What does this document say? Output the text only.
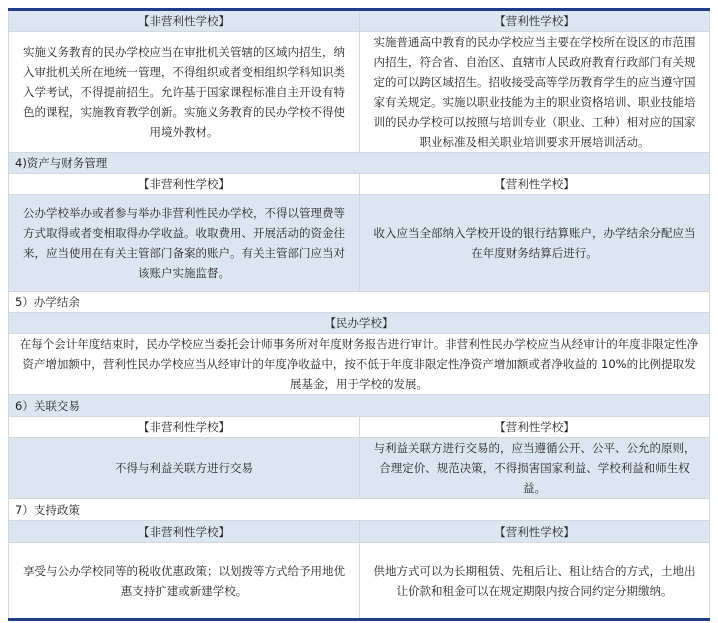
【非营利性学校】	【营利性学校】
实施义务教育的民办学校应当在审批机关管辖的区域内招生，纳入审批机关所在地统一管理，不得组织或者变相组织学科知识类入学考试，不得提前招生。允许基于国家课程标准自主开设有特色的课程，实施教育教学创新。实施义务教育的民办学校不得使用境外教材。	实施普通高中教育的民办学校应当主要在学校所在设区的市范围内招生，符合省、自治区、直辖市人民政府教育行政部门有关规定的可以跨区域招生。招收接受高等学历教育学生的应当遵守国家有关规定。实施以职业技能为主的职业资格培训、职业技能培训的民办学校可以按照与培训专业（职业、工种）相对应的国家职业标准及相关职业培训要求开展培训活动。
4)资产与财务管理	
【非营利性学校】	【营利性学校】
公办学校举办或者参与举办非营利性民办学校，不得以管理费等方式取得或者变相取得办学收益。收取费用、开展活动的资金往来，应当使用在有关主管部门备案的账户。有关主管部门应当对该账户实施监督。	收入应当全部纳入学校开设的银行结算账户，办学结余分配应当在年度财务结算后进行。
5）办学结余	
【民办学校】	
在每个会计年度结束时，民办学校应当委托会计师事务所对年度财务报告进行审计。非营利性民办学校应当从经审计的年度非限定性净资产增加额中，营利性民办学校应当从经审计的年度净收益中，按不低于年度非限定性净资产增加额或者净收益的 10%的比例提取发展基金，用于学校的发展。	
6）关联交易	
【非营利性学校】	【营利性学校】
不得与利益关联方进行交易	与利益关联方进行交易的，应当遵循公开、公平、公允的原则，合理定价、规范决策，不得损害国家利益、学校利益和师生权益。
7）支持政策	
【非营利性学校】	【营利性学校】
享受与公办学校同等的税收优惠政策；以划拨等方式给予用地优惠支持扩建或新建学校。	供地方式可以为长期租赁、先租后让、租让结合的方式，土地出让价款和租金可以在规定期限内按合同约定分期缴纳。
